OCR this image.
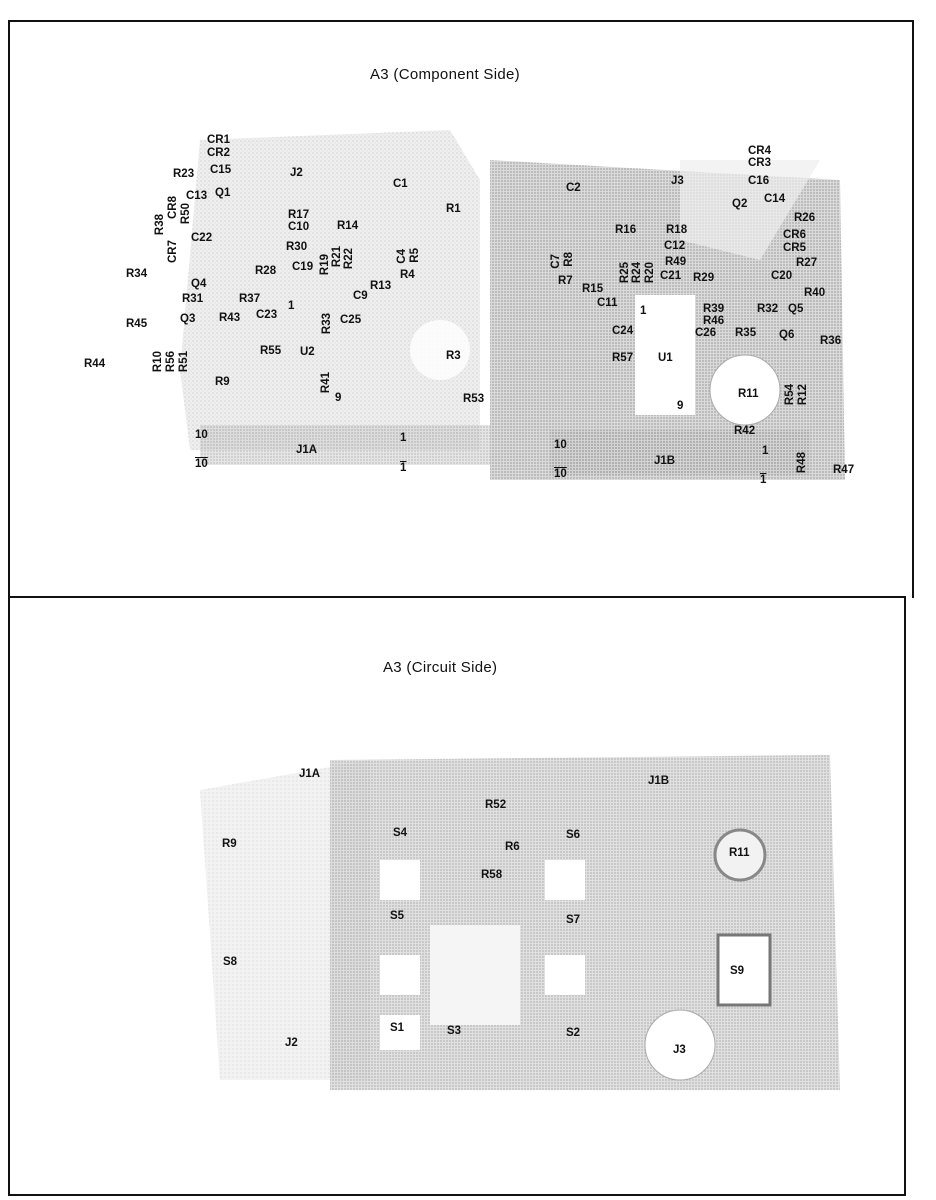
A3 (Component Side)
CR1
CR2
C15
R23
C13 Q1
J2
C1
R1
R38
CR8 R50
CR7
C22
R17
C10 R14
R30
R19 R21 R22	C4 R5
R34	R28 C19
R4
Q4	R13
R31	R37	C9
1
R45	Q3 R43 C23	R33 C25
R55 U2	R3
R44	R10 R56 R51
R9	R41
9	R53
10	1
J1A
10	1
C2
J3
CR4
CR3
C16
Q2 C14
R26
R16	R18	CR6
CR5
C12
C7 R8
R25 R24 R20 R49	R27
R7	C21 R29	C20
R15
C11
1
R40
R39	R32 Q5
R46
C24	C26 R35 Q6 R36
R57 U1
R11 R54 R12
9
R42
10	1
J1B	R48 R47
10	1
A3 (Circuit Side)
J1A
J1B
R52
R9
S4	S6
R6	R11
R58
S5	S7
S8
S9
S1	S3	S2
J2
J3
